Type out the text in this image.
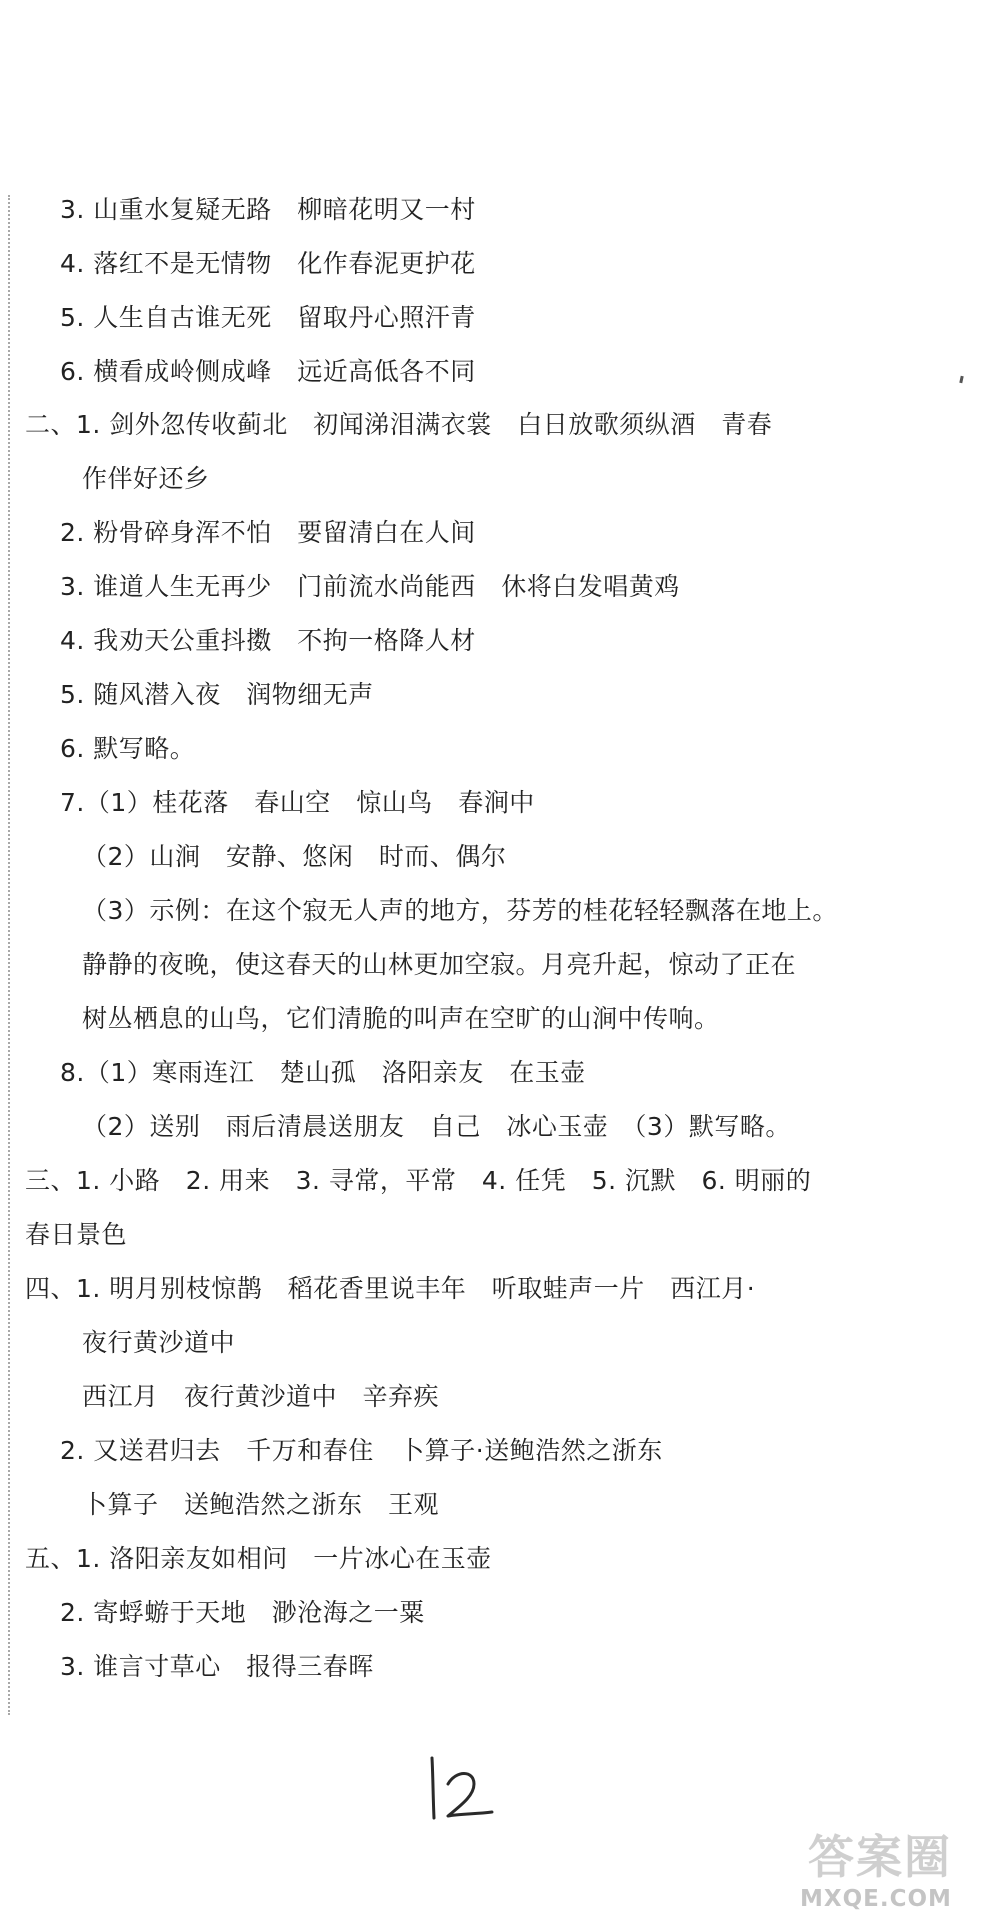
3. 山重水复疑无路　柳暗花明又一村
4. 落红不是无情物　化作春泥更护花
5. 人生自古谁无死　留取丹心照汗青
6. 横看成岭侧成峰　远近高低各不同
二、1. 剑外忽传收蓟北　初闻涕泪满衣裳　白日放歌须纵酒　青春
作伴好还乡
2. 粉骨碎身浑不怕　要留清白在人间
3. 谁道人生无再少　门前流水尚能西　休将白发唱黄鸡
4. 我劝天公重抖擞　不拘一格降人材
5. 随风潜入夜　润物细无声
6. 默写略。
7.（1）桂花落　春山空　惊山鸟　春涧中
（2）山涧　安静、悠闲　时而、偶尔
（3）示例：在这个寂无人声的地方，芬芳的桂花轻轻飘落在地上。
静静的夜晚，使这春天的山林更加空寂。月亮升起，惊动了正在
树丛栖息的山鸟，它们清脆的叫声在空旷的山涧中传响。
8.（1）寒雨连江　楚山孤　洛阳亲友　在玉壶
（2）送别　雨后清晨送朋友　自己　冰心玉壶　（3）默写略。
三、1. 小路　2. 用来　3. 寻常，平常　4. 任凭　5. 沉默　6. 明丽的
春日景色
四、1. 明月别枝惊鹊　稻花香里说丰年　听取蛙声一片　西江月·
夜行黄沙道中
西江月　夜行黄沙道中　辛弃疾
2. 又送君归去　千万和春住　卜算子·送鲍浩然之浙东
卜算子　送鲍浩然之浙东　王观
五、1. 洛阳亲友如相问　一片冰心在玉壶
2. 寄蜉蝣于天地　渺沧海之一粟
3. 谁言寸草心　报得三春晖
答案圈
MXQE.COM
